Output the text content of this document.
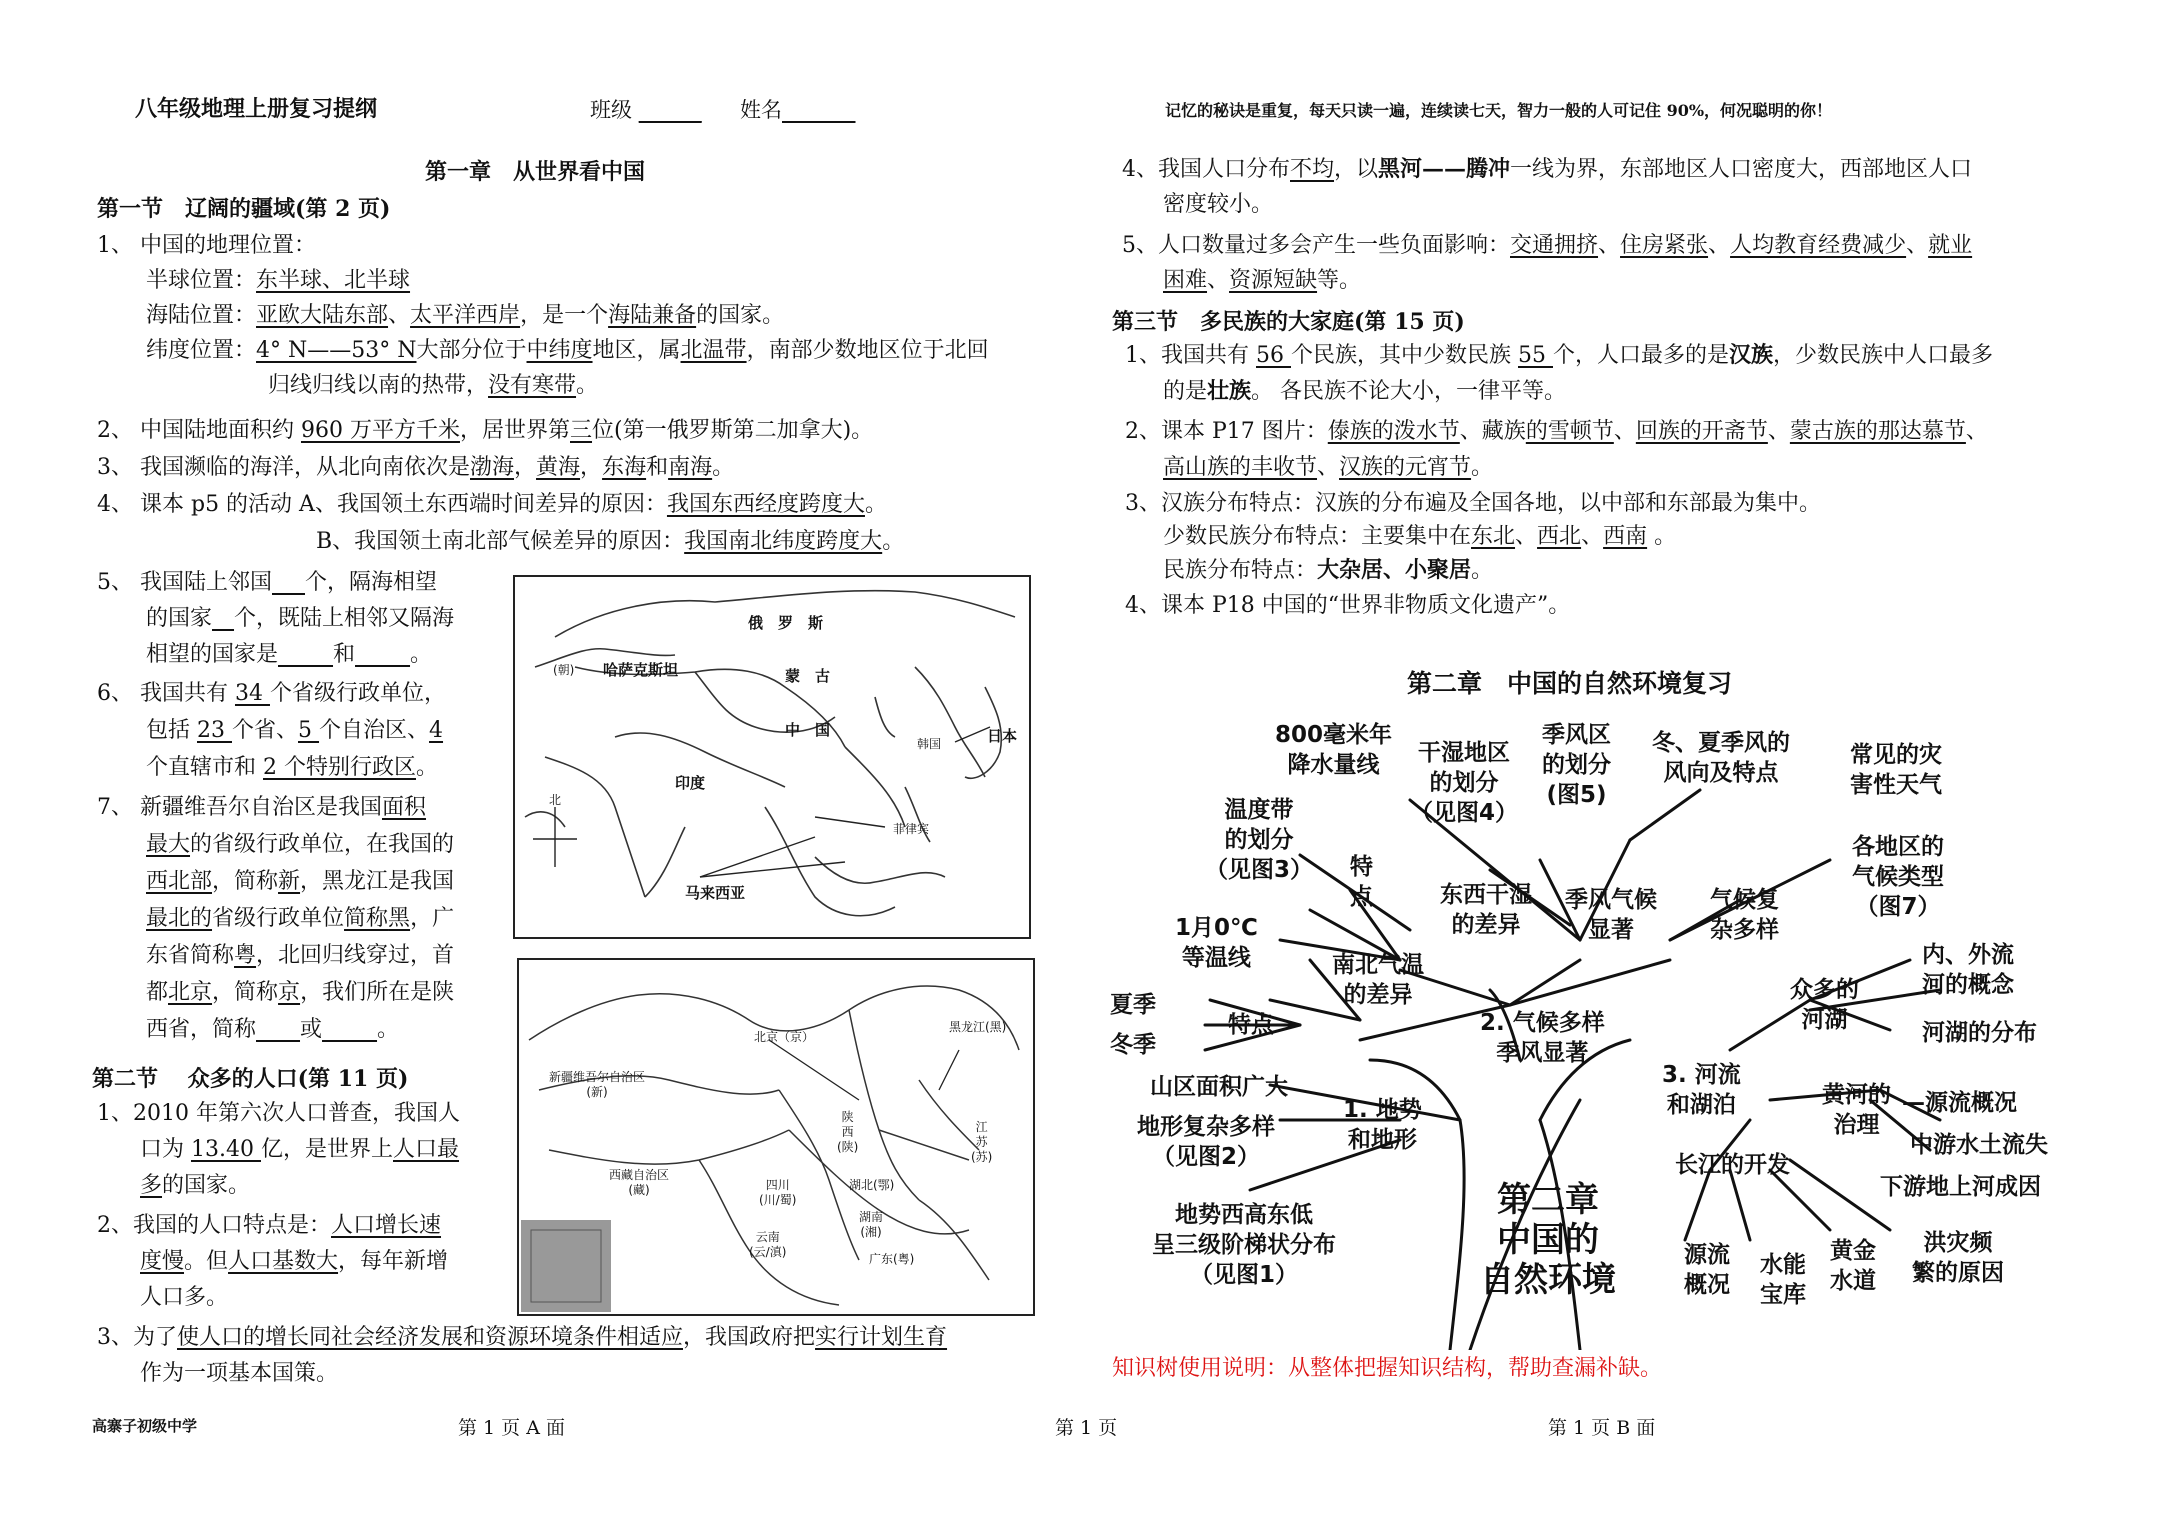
八年级地理上册复习提纲	班级 ______ 姓名_______
第一章　从世界看中国
第一节　辽阔的疆域(第 2 页)
1、 中国的地理位置：
半球位置：东半球、北半球
海陆位置：亚欧大陆东部、太平洋西岸，是一个海陆兼备的国家。
纬度位置：4° N——53° N大部分位于中纬度地区，属北温带，南部少数地区位于北回
归线归线以南的热带，没有寒带。
2、 中国陆地面积约 960 万平方千米，居世界第三位(第一俄罗斯第二加拿大)。
3、 我国濒临的海洋，从北向南依次是渤海，黄海，东海和南海。
4、 课本 p5 的活动 A、我国领土东西端时间差异的原因：我国东西经度跨度大。
B、我国领土南北部气候差异的原因：我国南北纬度跨度大。
5、 我国陆上邻国___个，隔海相望
的国家__个，既陆上相邻又隔海
相望的国家是_____和_____。
6、 我国共有 34 个省级行政单位，
包括 23 个省、5 个自治区、4
个直辖市和 2 个特别行政区。
7、 新疆维吾尔自治区是我国面积
最大的省级行政单位，在我国的
西北部，简称新，黑龙江是我国
最北的省级行政单位简称黑，广
东省简称粤，北回归线穿过，首
都北京，简称京，我们所在是陕
西省，简称____或_____。
第二节　 众多的人口(第 11 页)
1、2010 年第六次人口普查，我国人
口为 13.40 亿，是世界上人口最
多的国家。
2、我国的人口特点是：人口增长速
度慢。但人口基数大，每年新增
人口多。
3、为了使人口的增长同社会经济发展和资源环境条件相适应，我国政府把实行计划生育
作为一项基本国策。
俄　罗　斯
哈萨克斯坦
(朝)	蒙　古
中　国
韩国	日本
印度
菲律宾
马来西亚
北
北京（京）
黑龙江(黑)
新疆维吾尔自治区
(新)
西藏自治区
(藏)
陕
西
(陕)
四川
(川/蜀)
湖北(鄂)
江
苏
(苏)
湖南
(湘)
云南
(云/滇)	广东(粤)
高寨子初级中学	第 1 页 A 面	第 1 页
记忆的秘诀是重复，每天只读一遍，连续读七天，智力一般的人可记住 90%，何况聪明的你！
4、我国人口分布不均，以黑河——腾冲一线为界，东部地区人口密度大，西部地区人口
密度较小。
5、人口数量过多会产生一些负面影响：交通拥挤、住房紧张、人均教育经费减少、就业
困难、资源短缺等。
第三节　多民族的大家庭(第 15 页)
1、我国共有 56 个民族，其中少数民族 55 个，人口最多的是汉族，少数民族中人口最多
的是壮族。 各民族不论大小，一律平等。
2、课本 P17 图片：傣族的泼水节、藏族的雪顿节、回族的开斋节、蒙古族的那达慕节、
高山族的丰收节、汉族的元宵节。
3、汉族分布特点：汉族的分布遍及全国各地，以中部和东部最为集中。
少数民族分布特点：主要集中在东北、西北、西南 。
民族分布特点：大杂居、小聚居。
4、课本 P18 中国的“世界非物质文化遗产”。
第二章　中国的自然环境复习
第二章
中国的
自然环境
800毫米年
降水量线	干湿地区
的划分
（见图4）
季风区
的划分
(图5)
冬、夏季风的
风向及特点
常见的灾
害性天气
温度带
的划分
（见图3） 特
点	东西干湿
的差异
季风气候
显著
气候复
杂多样
各地区的
气候类型
（图7）
1月0℃
等温线	南北气温
的差异
内、外流
河的概念
夏季
冬季
特点	2. 气候多样
季风显著
众多的
河湖	河湖的分布
山区面积广大	3. 河流
和湖泊	黄河的
治理
—源流概况
地形复杂多样
（见图2）
1. 地势
和地形	中游水土流失
下游地上河成因
长江的开发
地势西高东低
呈三级阶梯状分布
（见图1）
源流
概况
水能
宝库
黄金
水道
洪灾频
繁的原因
知识树使用说明：从整体把握知识结构，帮助查漏补缺。
第 1 页 B 面
